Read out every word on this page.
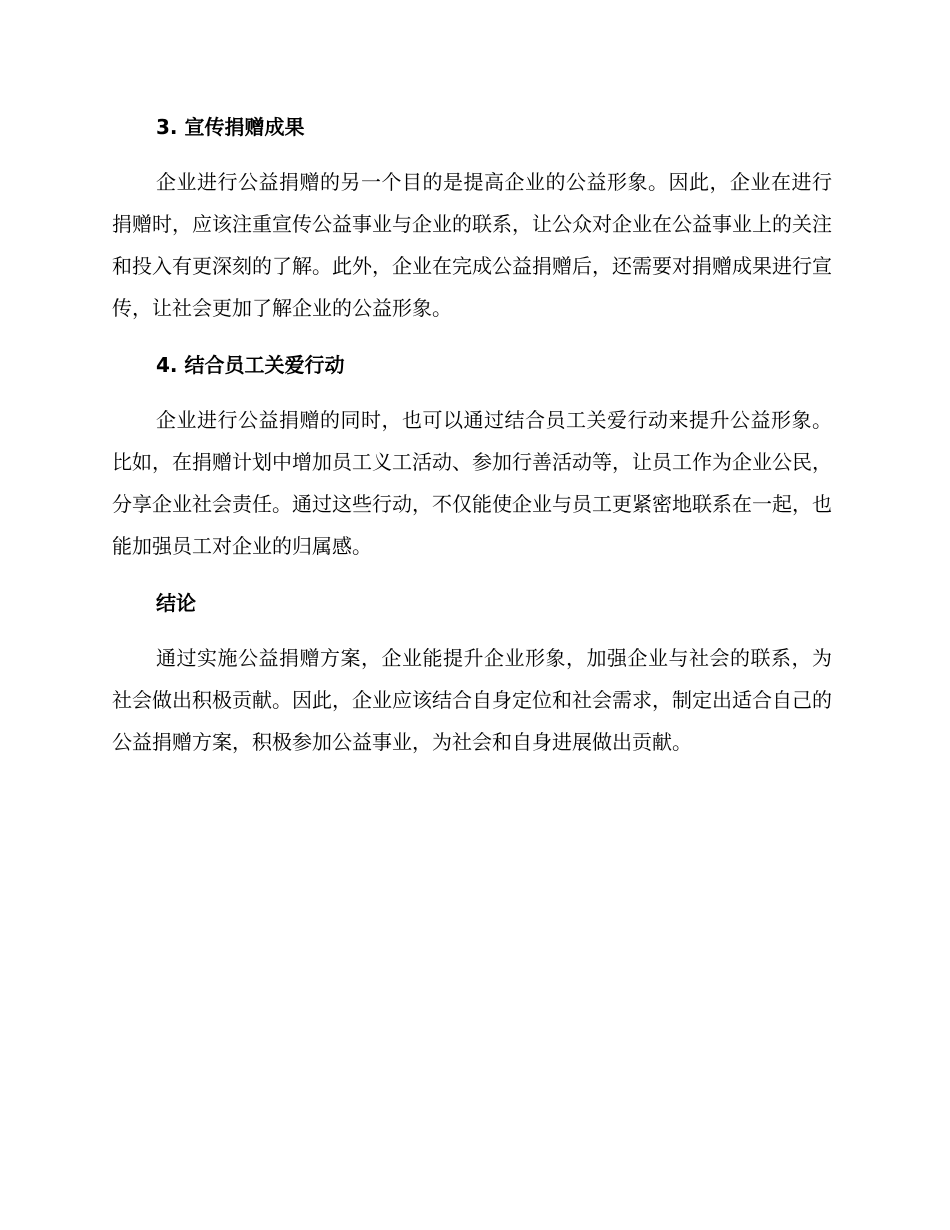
3. 宣传捐赠成果

企业进行公益捐赠的另一个目的是提高企业的公益形象。因此，企业在进行捐赠时，应该注重宣传公益事业与企业的联系，让公众对企业在公益事业上的关注和投入有更深刻的了解。此外，企业在完成公益捐赠后，还需要对捐赠成果进行宣传，让社会更加了解企业的公益形象。

4. 结合员工关爱行动

企业进行公益捐赠的同时，也可以通过结合员工关爱行动来提升公益形象。比如，在捐赠计划中增加员工义工活动、参加行善活动等，让员工作为企业公民，分享企业社会责任。通过这些行动，不仅能使企业与员工更紧密地联系在一起，也能加强员工对企业的归属感。

结论

通过实施公益捐赠方案，企业能提升企业形象，加强企业与社会的联系，为社会做出积极贡献。因此，企业应该结合自身定位和社会需求，制定出适合自己的公益捐赠方案，积极参加公益事业，为社会和自身进展做出贡献。
